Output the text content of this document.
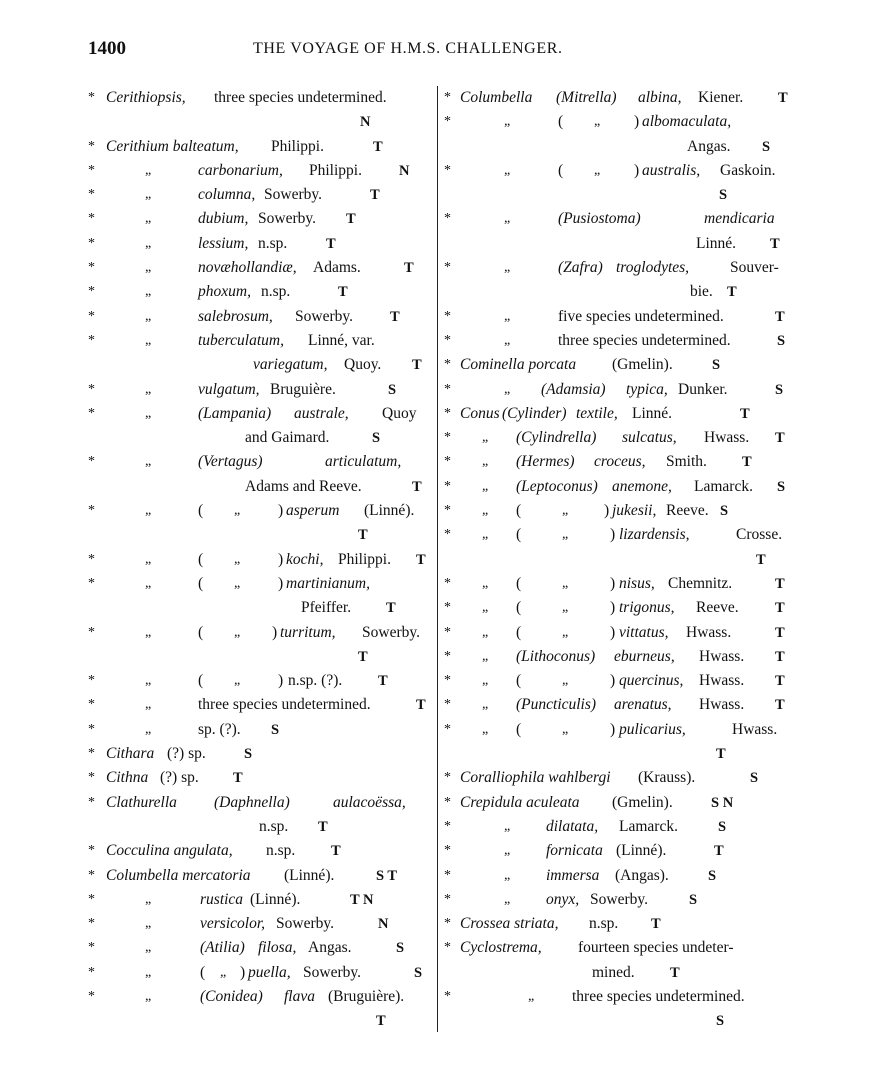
1400	THE VOYAGE OF H.M.S. CHALLENGER.
* Cerithiopsis, three species undetermined.
N
* Cerithium balteatum, Philippi.	T
*	„	carbonarium, Philippi.	N
*	„	columna, Sowerby.	T
*	„	dubium, Sowerby. T
*	„	lessium, n.sp.	T
*	„	novæhollandiæ, Adams.	T
*	„	phoxum, n.sp.	T
*	„	salebrosum, Sowerby.	T
*	„	tuberculatum, Linné, var.
variegatum, Quoy. T
*	„	vulgatum, Bruguière.	S
*	„	(Lampania) australe, Quoy
and Gaimard.	S
*	„	(Vertagus)	articulatum,
Adams and Reeve.	T
*	„	( „ ) asperum (Linné).
T
*	„	( „ ) kochi, Philippi. T
*	„	( „ ) martinianum,
Pfeiffer. T
*	„	( „ ) turritum, Sowerby.
T
*	„	( „ ) n.sp. (?). T
*	„	three species undetermined.	T
*	„	sp. (?). S
* Cithara (?) sp.	S
* Cithna (?) sp. T
* Clathurella (Daphnella)	aulacoëssa,
n.sp. T
* Cocculina angulata, n.sp. T
* Columbella mercatoria (Linné).	S T
*	„	rustica (Linné).	T N
*	„	versicolor, Sowerby.	N
*	„	(Atilia) filosa, Angas.	S
*	„	( „ ) puella, Sowerby.	S
*	„	(Conidea) flava (Bruguière).
T
* Columbella (Mitrella) albina, Kiener. T
*	„	( „ ) albomaculata,
Angas. S
*	„	( „ ) australis, Gaskoin.
S
*	„	(Pusiostoma)	mendicaria
Linné. T
*	„	(Zafra) troglodytes,	Souver-
bie. T
*	„	five species undetermined.	T
*	„	three species undetermined.	S
* Cominella porcata (Gmelin).	S
*	„ (Adamsia) typica, Dunker.	S
* Conus (Cylinder) textile, Linné.	T
* „ (Cylindrella) sulcatus, Hwass. T
* „ (Hermes) croceus, Smith. T
* „ (Leptoconus) anemone, Lamarck. S
* „ (	„ ) jukesii, Reeve. S
* „ (	„	) lizardensis,	Crosse.
T
* „ (	„	) nisus, Chemnitz.	T
* „ (	„	) trigonus, Reeve.	T
* „ (	„	) vittatus, Hwass.	T
* „ (Lithoconus) eburneus, Hwass. T
* „ (	„	) quercinus, Hwass. T
* „ (Puncticulis) arenatus, Hwass. T
* „ (	„	) pulicarius,	Hwass.
T
* Coralliophila wahlbergi (Krauss).	S
* Crepidula aculeata (Gmelin).	S N
*	„ dilatata, Lamarck.	S
*	„ fornicata (Linné).	T
*	„ immersa (Angas).	S
*	„ onyx, Sowerby.	S
* Crossea striata, n.sp. T
* Cyclostrema, fourteen species undeter-
mined. T
*	„ three species undetermined.
S
